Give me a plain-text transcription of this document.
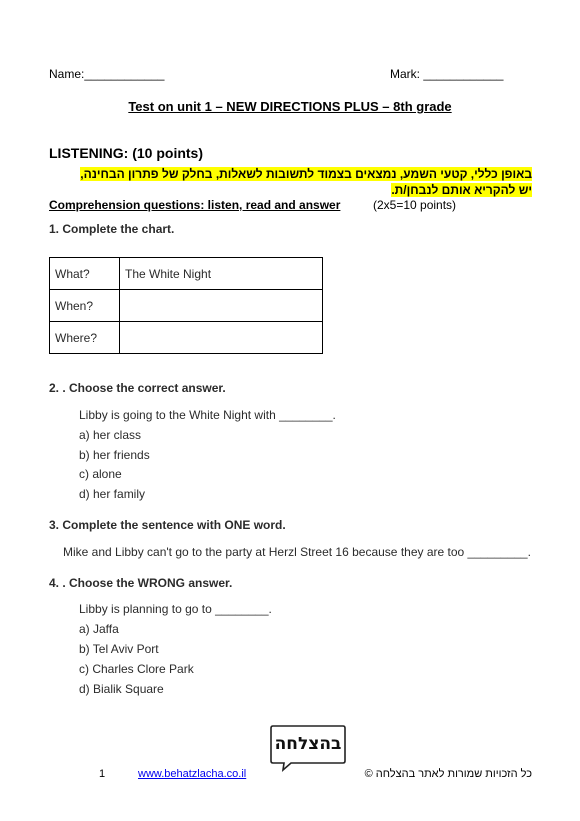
Name:____________	Mark: ____________
Test on unit 1 – NEW DIRECTIONS PLUS – 8th grade
LISTENING: (10 points)
באופן כללי, קטעי השמע, נמצאים בצמוד לתשובות לשאלות, בחלק של פתרון הבחינה, יש להקריא אותם לנבחן/ת.
Comprehension questions: listen, read and answer	(2x5=10 points)
1. Complete the chart.
What?	The White Night
When?	
Where?	
2. . Choose the correct answer.
Libby is going to the White Night with ________.
a) her class
b) her friends
c) alone
d) her family
3. Complete the sentence with ONE word.
Mike and Libby can't go to the party at Herzl Street 16 because they are too _________.
4. . Choose the WRONG answer.
Libby is planning to go to ________.
a) Jaffa
b) Tel Aviv Port
c) Charles Clore Park
d) Bialik Square
בהצלחה
1	www.behatzlacha.co.il	כל הזכויות שמורות לאתר בהצלחה ©
